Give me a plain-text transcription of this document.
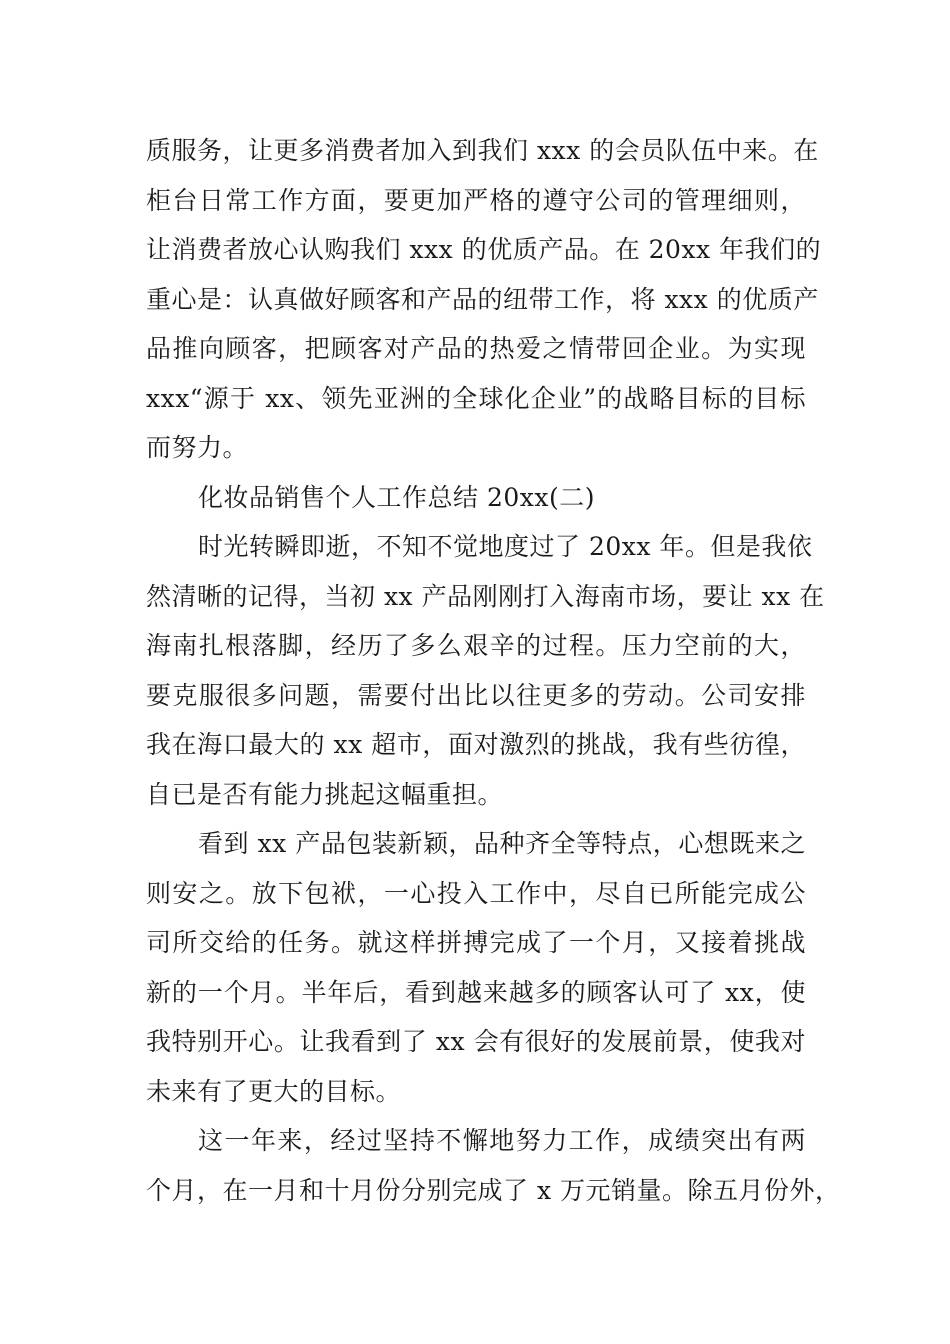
质服务，让更多消费者加入到我们 xxx 的会员队伍中来。在
柜台日常工作方面，要更加严格的遵守公司的管理细则，
让消费者放心认购我们 xxx 的优质产品。在 20xx 年我们的
重心是：认真做好顾客和产品的纽带工作，将 xxx 的优质产
品推向顾客，把顾客对产品的热爱之情带回企业。为实现
xxx“源于 xx、领先亚洲的全球化企业”的战略目标的目标
而努力。
化妆品销售个人工作总结 20xx(二)
时光转瞬即逝，不知不觉地度过了 20xx 年。但是我依
然清晰的记得，当初 xx 产品刚刚打入海南市场，要让 xx 在
海南扎根落脚，经历了多么艰辛的过程。压力空前的大，
要克服很多问题，需要付出比以往更多的劳动。公司安排
我在海口最大的 xx 超市，面对激烈的挑战，我有些彷徨，
自已是否有能力挑起这幅重担。
看到 xx 产品包装新颖，品种齐全等特点，心想既来之
则安之。放下包袱，一心投入工作中，尽自已所能完成公
司所交给的任务。就这样拼搏完成了一个月，又接着挑战
新的一个月。半年后，看到越来越多的顾客认可了 xx，使
我特别开心。让我看到了 xx 会有很好的发展前景，使我对
未来有了更大的目标。
这一年来，经过坚持不懈地努力工作，成绩突出有两
个月，在一月和十月份分别完成了 x 万元销量。除五月份外，
